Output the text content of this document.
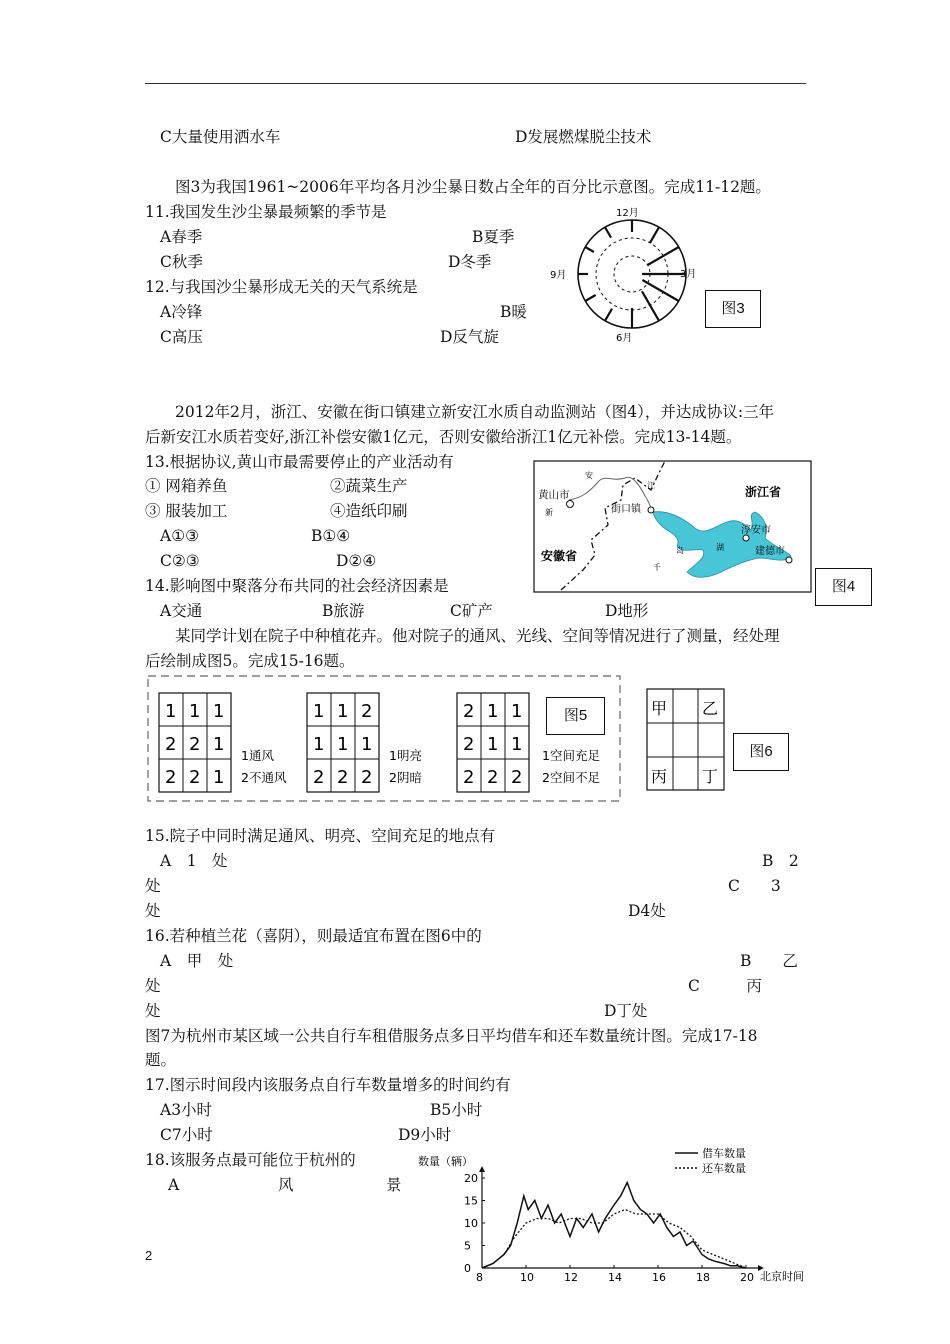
C大量使用洒水车	D发展燃煤脱尘技术
图3为我国1961~2006年平均各月沙尘暴日数占全年的百分比示意图。完成11-12题。
11.我国发生沙尘暴最频繁的季节是
A春季	B夏季
C秋季	D冬季
12.与我国沙尘暴形成无关的天气系统是
A冷锋	B暖
C高压	D反气旋
12月
3月
6月
9月
图3
2012年2月，浙江、安徽在街口镇建立新安江水质自动监测站（图4），并达成协议:三年
后新安江水质若变好,浙江补偿安徽1亿元，否则安徽给浙江1亿元补偿。完成13-14题。
13.根据协议,黄山市最需要停止的产业活动有
① 网箱养鱼	②蔬菜生产
③ 服装加工	④造纸印刷
A①③	B①④
C②③	D②④
浙江省
安徽省
黄山市
街口镇
淳安市
建德市
安
江
新
岛	湖
千
图4
14.影响图中聚落分布共同的社会经济因素是
A交通	B旅游	C矿产	D地形
某同学计划在院子中种植花卉。他对院子的通风、光线、空间等情况进行了测量，经处理
后绘制成图5。完成15-16题。
1 1 1
2 2 1
2 2 1
1 1 2
1 1 1
2 2 2
2 1 1
2 1 1
2 2 2
1通风
2不通风
1明亮
2阴暗
1空间充足
2空间不足
图5	甲 乙
丙 丁
图6
15.院子中同时满足通风、明亮、空间充足的地点有
A　1　处	B　2
处	C　　3
处	D4处
16.若种植兰花（喜阴），则最适宜布置在图6中的
A　甲　处	B　　乙
处	C　　　丙
处	D丁处
图7为杭州市某区域一公共自行车租借服务点多日平均借车和还车数量统计图。完成17-18
题。
17.图示时间段内该服务点自行车数量增多的时间约有
A3小时	B5小时
C7小时	D9小时
18.该服务点最可能位于杭州的
A	风	景
数量（辆）
北京时间
借车数量
还车数量
8	10	12	14	16	18	20
0
5
10
15
20
2
